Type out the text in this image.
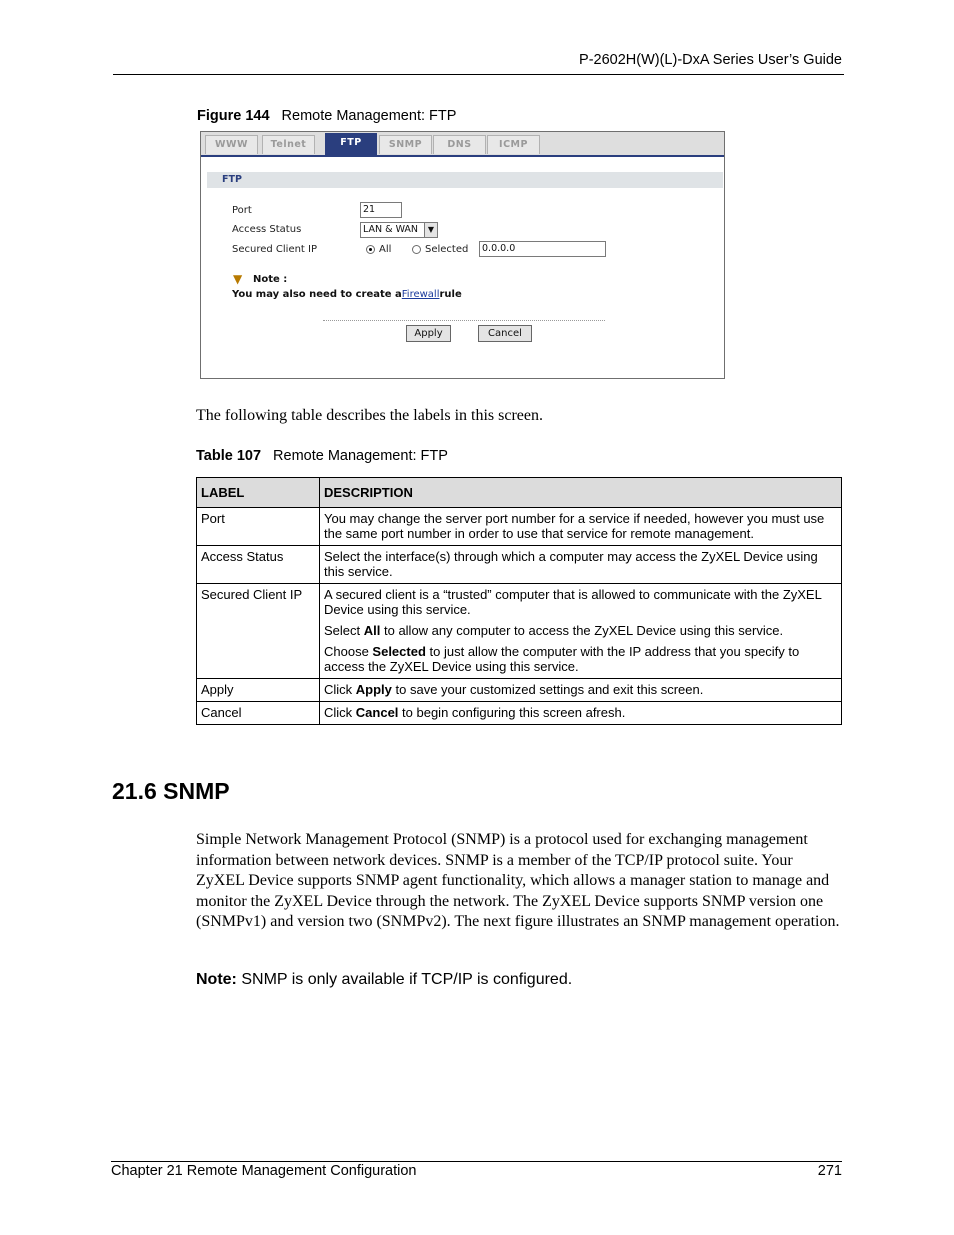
P-2602H(W)(L)-DxA Series User’s Guide
Figure 144 Remote Management: FTP
WWW	Telnet	FTP	SNMP	DNS	ICMP
FTP
Port	21
Access Status	LAN & WAN	▼
Secured Client IP	All	Selected	0.0.0.0
▼ Note :
You may also need to create aFirewallrule
Apply	Cancel
The following table describes the labels in this screen.
Table 107 Remote Management: FTP
LABEL	DESCRIPTION
Port	You may change the server port number for a service if needed, however you must use the same port number in order to use that service for remote management.
Access Status	Select the interface(s) through which a computer may access the ZyXEL Device using this service.
Secured Client IP	A secured client is a “trusted” computer that is allowed to communicate with the ZyXEL Device using this service.

Select All to allow any computer to access the ZyXEL Device using this service.

Choose Selected to just allow the computer with the IP address that you specify to access the ZyXEL Device using this service.

Apply	Click Apply to save your customized settings and exit this screen.
Cancel	Click Cancel to begin configuring this screen afresh.
21.6 SNMP
Simple Network Management Protocol (SNMP) is a protocol used for exchanging management information between network devices. SNMP is a member of the TCP/IP protocol suite. Your ZyXEL Device supports SNMP agent functionality, which allows a manager station to manage and monitor the ZyXEL Device through the network. The ZyXEL Device supports SNMP version one (SNMPv1) and version two (SNMPv2). The next figure illustrates an SNMP management operation.
Note: SNMP is only available if TCP/IP is configured.
Chapter 21 Remote Management Configuration	271
